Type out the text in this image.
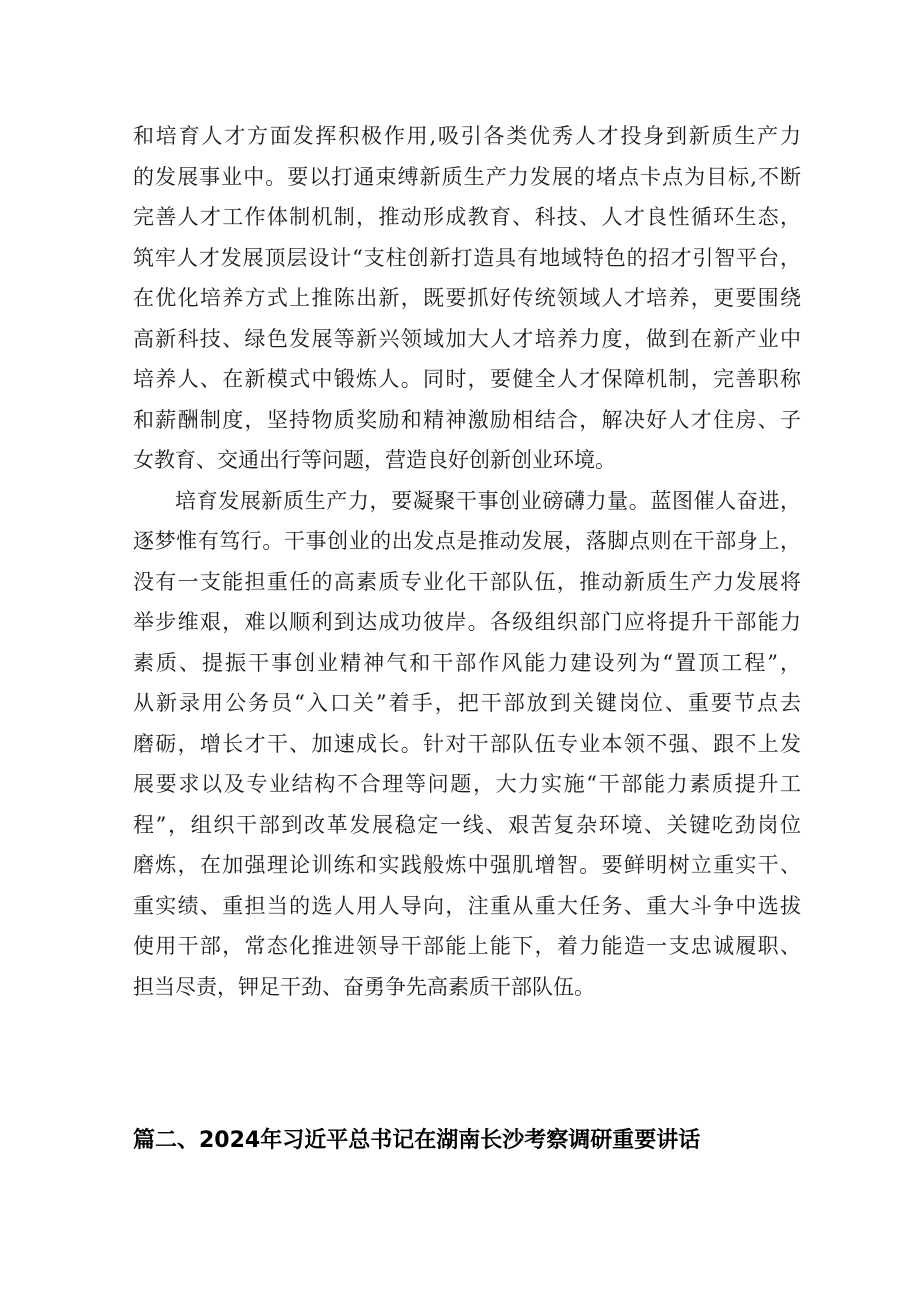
和培育人才方面发挥积极作用,吸引各类优秀人才投身到新质生产力
的发展事业中。要以打通束缚新质生产力发展的堵点卡点为目标,不断
完善人才工作体制机制，推动形成教育、科技、人才良性循环生态，
筑牢人才发展顶层设计“支柱创新打造具有地域特色的招才引智平台，
在优化培养方式上推陈出新，既要抓好传统领域人才培养，更要围绕
高新科技、绿色发展等新兴领域加大人才培养力度，做到在新产业中
培养人、在新模式中锻炼人。同时，要健全人才保障机制，完善职称
和薪酬制度，坚持物质奖励和精神激励相结合，解决好人才住房、子
女教育、交通出行等问题，营造良好创新创业环境。
培育发展新质生产力，要凝聚干事创业磅礴力量。蓝图催人奋进，
逐梦惟有笃行。干事创业的出发点是推动发展，落脚点则在干部身上，
没有一支能担重任的高素质专业化干部队伍，推动新质生产力发展将
举步维艰，难以顺利到达成功彼岸。各级组织部门应将提升干部能力
素质、提振干事创业精神气和干部作风能力建设列为“置顶工程”，
从新录用公务员“入口关”着手，把干部放到关键岗位、重要节点去
磨砺，增长才干、加速成长。针对干部队伍专业本领不强、跟不上发
展要求以及专业结构不合理等问题，大力实施“干部能力素质提升工
程”，组织干部到改革发展稳定一线、艰苦复杂环境、关键吃劲岗位
磨炼，在加强理论训练和实践般炼中强肌增智。要鲜明树立重实干、
重实绩、重担当的选人用人导向，注重从重大任务、重大斗争中选拔
使用干部，常态化推进领导干部能上能下，着力能造一支忠诚履职、
担当尽责，钾足干劲、奋勇争先高素质干部队伍。
篇二、2024年习近平总书记在湖南长沙考察调研重要讲话
